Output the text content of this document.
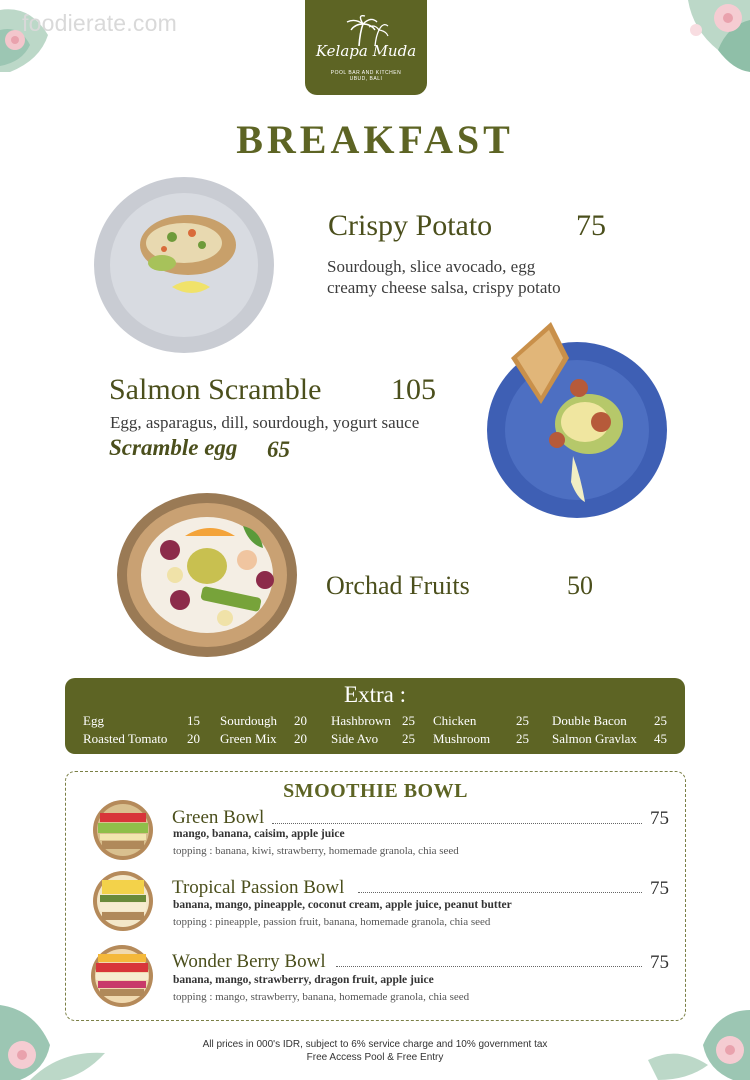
foodierate.com
Kelapa Muda
POOL BAR AND KITCHEN
UBUD, BALI
BREAKFAST
Crispy Potato	75
Sourdough, slice avocado, egg
creamy cheese salsa, crispy potato
Salmon Scramble 105
Egg, asparagus, dill, sourdough, yogurt sauce
Scramble egg 65
Orchad Fruits	50
Extra :
Egg	15 Sourdough 20 Hashbrown 25 Chicken	25 Double Bacon 25
Roasted Tomato 20 Green Mix 20 Side Avo 25 Mushroom 25 Salmon Gravlax 45
SMOOTHIE BOWL
Green Bowl	75
mango, banana, caisim, apple juice
topping : banana, kiwi, strawberry, homemade granola, chia seed
Tropical Passion Bowl	75
banana, mango, pineapple, coconut cream, apple juice, peanut butter
topping : pineapple, passion fruit, banana, homemade granola, chia seed
Wonder Berry Bowl	75
banana, mango, strawberry, dragon fruit, apple juice
topping : mango, strawberry, banana, homemade granola, chia seed
All prices in 000's IDR, subject to 6% service charge and 10% government tax
Free Access Pool & Free Entry
